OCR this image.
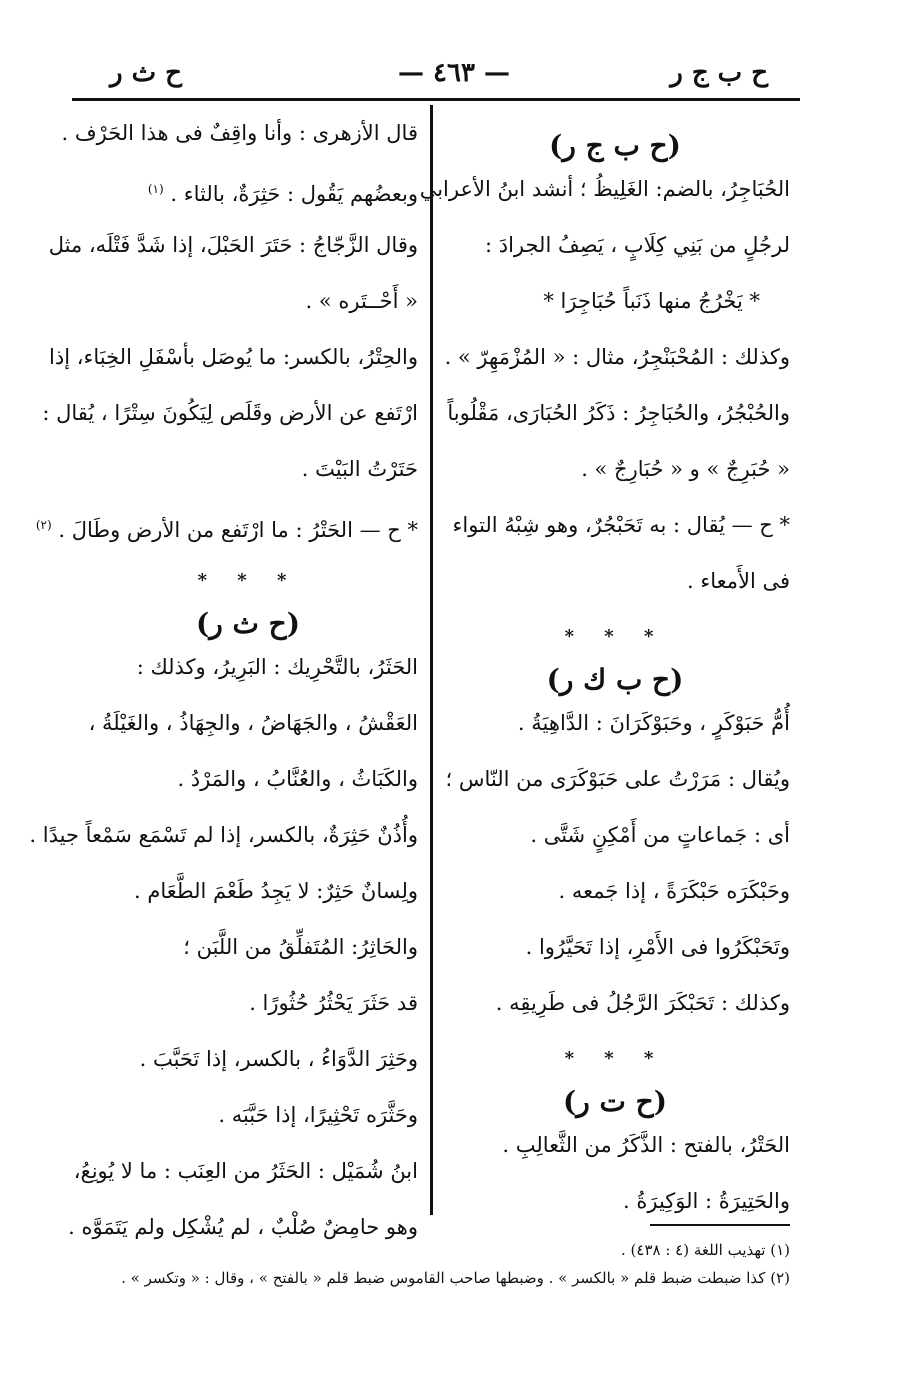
ح ب ج ر
— ٤٦٣ —
ح ث ر
(ح ب ج ر)
الحُبَاجِرُ، بالضم: الغَلِيظُ ؛ أنشد ابنُ الأعرابي
لرجُلٍ من بَنِي كِلَابٍ ، يَصِفُ الجرادَ :
* يَخْرُجُ منها ذَنَباً حُبَاجِرَا *
وكذلك : المُحْبَنْجِرُ، مثال : « المُزْمَهِرّ » .
والحُبْجُرُ، والحُبَاجِرُ : ذَكَرُ الحُبَارَى، مَقْلُوباً
« حُبَرِجٌ » و « حُبَارِجٌ » .
* ح — يُقال : به تَحَبْجُرٌ، وهو شِبْهُ التواء
فى الأَمعاء .
* * *
(ح ب ك ر)
أُمُّ حَبَوْكَرٍ ، وحَبَوْكَرَانَ : الدَّاهِيَةُ .
ويُقال : مَرَرْتُ على حَبَوْكَرَى من النّاس ؛
أى : جَماعاتٍ من أَمْكِنٍ شَتَّى .
وحَبْكَرَه حَبْكَرَةً ، إذا جَمعه .
وتَحَبْكَرُوا فى الأَمْرِ، إذا تَحَيَّرُوا .
وكذلك : تَحَبْكَرَ الرَّجُلُ فى طَرِيقِه .
* * *
(ح ت ر)
الحَتْرُ، بالفتح : الذَّكَرُ من الثَّعالِبِ .
والحَتِيرَةُ : الوَكِيرَةُ .
قال الأزهرى : وأنا واقِفٌ فى هذا الحَرْف .
وبعضُهم يَقُول : حَثِرَةٌ، بالثاء . $^{(١)}$
وقال الزَّجّاجُ : حَتَرَ الحَبْلَ، إذا شَدَّ فَتْلَه، مثل
« أَحْــتَره » .
والحِتْرُ، بالكسر: ما يُوصَل بأسْفَلِ الخِبَاء، إذا
ارْتَفع عن الأرض وقَلَص لِيَكُونَ سِتْرًا ، يُقال :
حَتَرْتُ البَيْتَ .
* ح — الحَتْرُ : ما ارْتَفع من الأرض وطَالَ . $^{(٢)}$
* * *
(ح ث ر)
الحَثَرُ، بالتَّحْرِيك : البَرِيرُ، وكذلك :
العَقْشُ ، والجَهَاضُ ، والجِهَاذُ ، والغَيْلَةُ ،
والكَبَاثُ ، والعُنَّابُ ، والمَرْدُ .
وأُذُنٌ حَثِرَةٌ، بالكسر، إذا لم تَسْمَع سَمْعاً جيدًا .
ولِسانٌ حَثِرٌ: لا يَجِدُ طَعْمَ الطَّعَام .
والحَاثِرُ: المُتَفلِّقُ من اللَّبَن ؛
قد حَثَرَ يَحْثُرُ حُثُورًا .
وحَثِرَ الدَّوَاءُ ، بالكسر، إذا تَحَبَّبَ .
وحَثَّرَه تَحْثِيرًا، إذا حَبَّبَه .
ابنُ شُمَيْل : الحَثَرُ من العِنَب : ما لا يُونِعُ،
وهو حامِضٌ صُلْبٌ ، لم يُشْكِل ولم يَتَمَوَّه .
(١) تهذيب اللغة (٤ : ٤٣٨) .
(٢) كذا ضبطت ضبط قلم « بالكسر » . وضبطها صاحب القاموس ضبط قلم « بالفتح » ، وقال : « وتكسر » .
